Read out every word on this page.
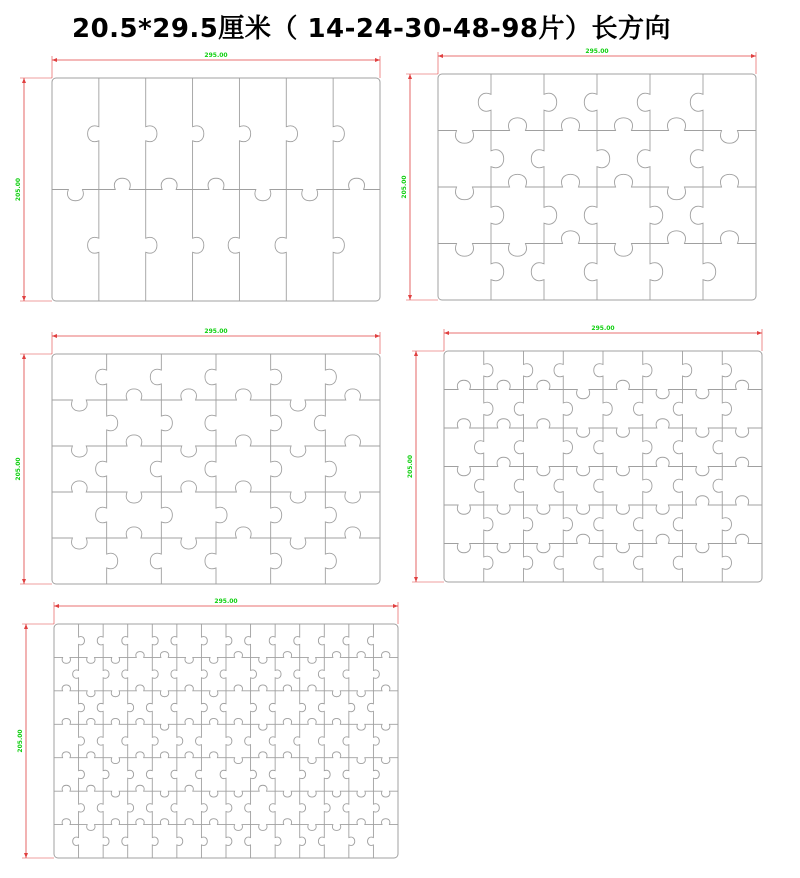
20.5*29.5厘米（ 14-24-30-48-98片）长方向
295.00
205.00
295.00
205.00
295.00
205.00
295.00
205.00
295.00
205.00
